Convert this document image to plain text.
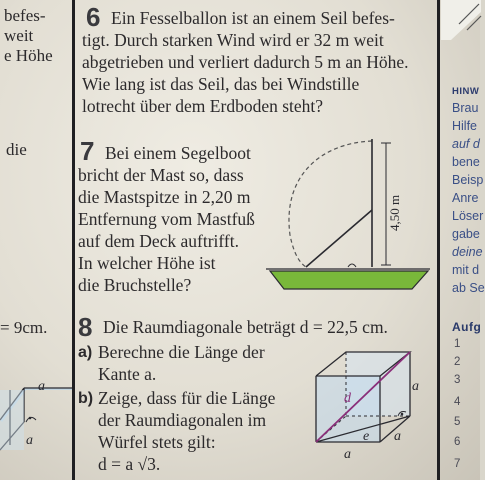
befes-
weit
e Höhe
die
= 9cm.
a
a
6 Ein Fesselballon ist an einem Seil befes-
tigt. Durch starken Wind wird er 32 m weit
abgetrieben und verliert dadurch 5 m an Höhe.
Wie lang ist das Seil, das bei Windstille
lotrecht über dem Erdboden steht?
7 Bei einem Segelboot
bricht der Mast so, dass
die Mastspitze in 2,20 m
Entfernung vom Mastfuß
auf dem Deck auftrifft.
In welcher Höhe ist
die Bruchstelle?
4,50 m
8 Die Raumdiagonale beträgt d = 22,5 cm.
a) Berechne die Länge der
Kante a.
b) Zeige, dass für die Länge
der Raumdiagonalen im
Würfel stets gilt:
d = a √3.
d
e
a
a
a
HINW
Brau
Hilfe
auf d
bene
Beisp
Anre
Löser
gabe
deine
mit d
ab Se
Aufg
1
2
3
4
5
6
7
